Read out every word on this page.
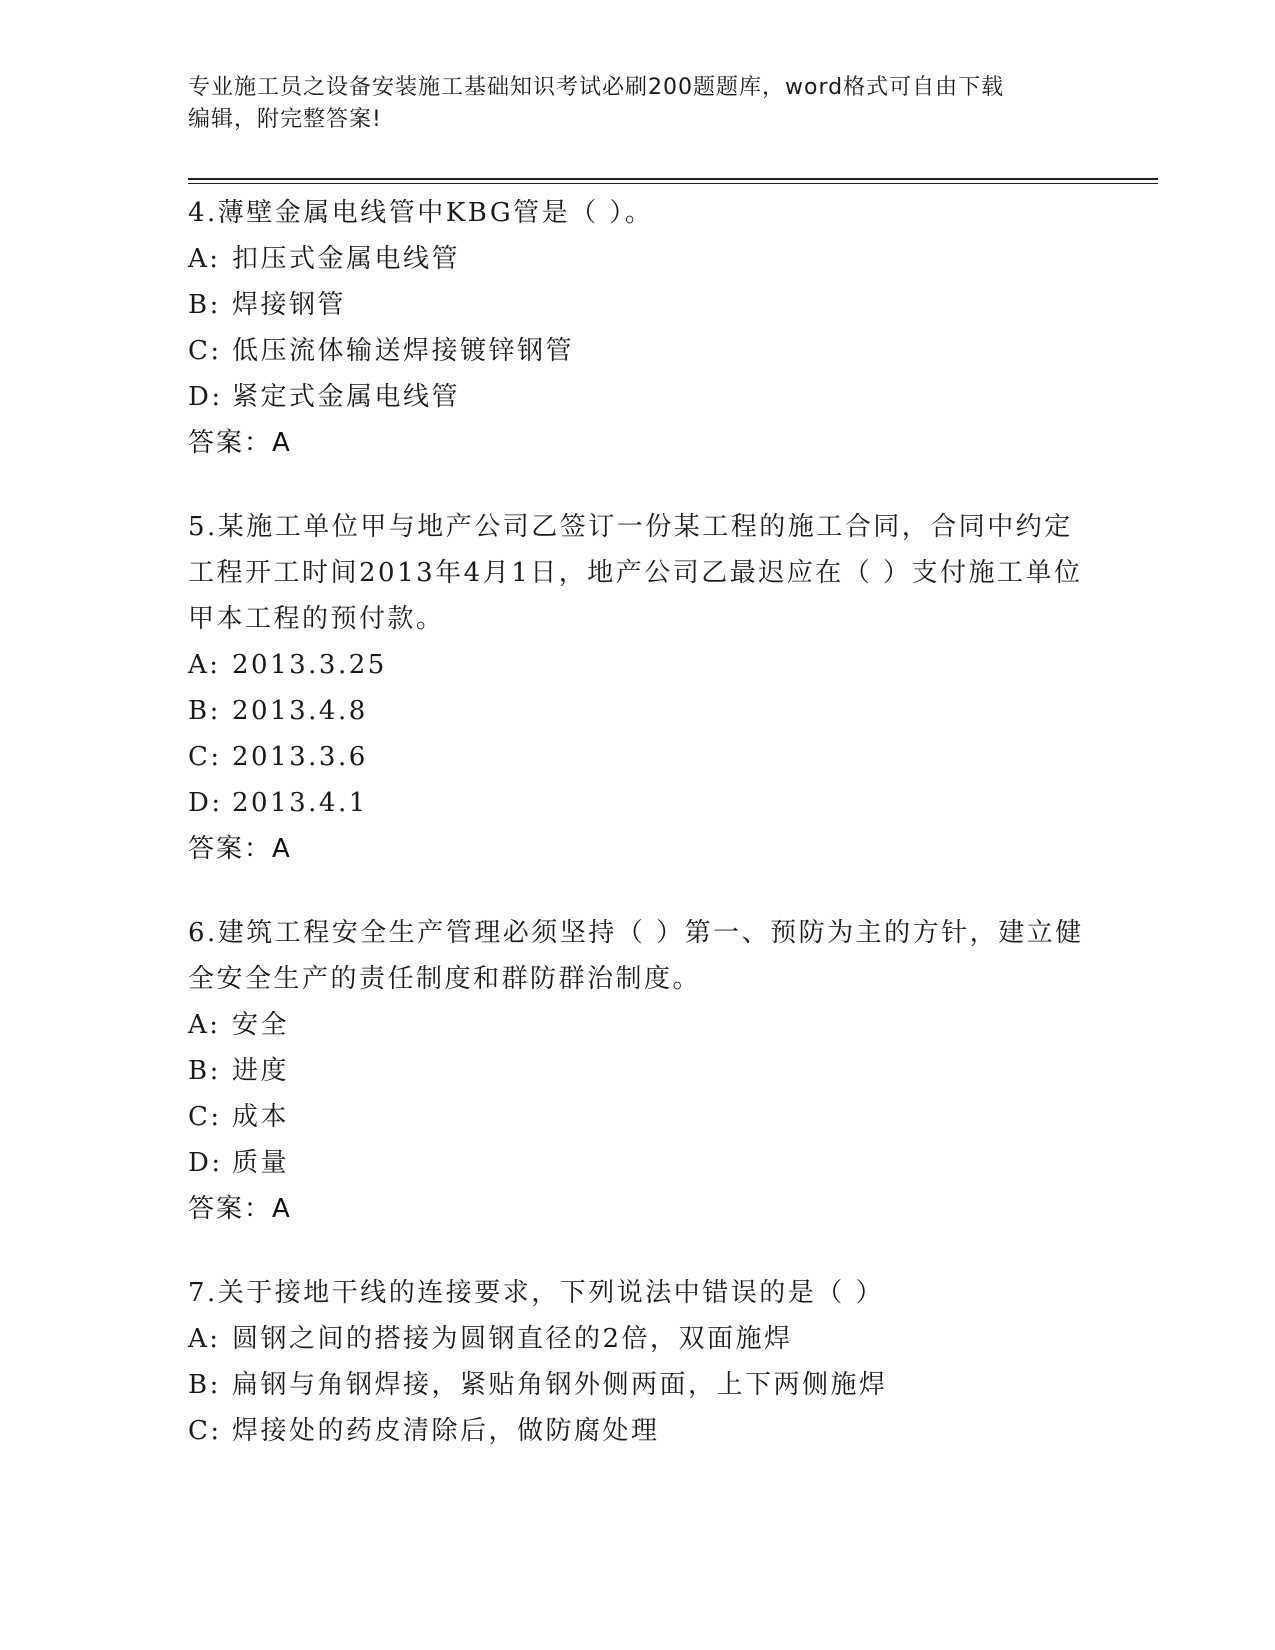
专业施工员之设备安装施工基础知识考试必刷200题题库，word格式可自由下载
编辑，附完整答案!
4.薄壁金属电线管中KBG管是（ ）。
A: 扣压式金属电线管
B: 焊接钢管
C: 低压流体输送焊接镀锌钢管
D: 紧定式金属电线管
答案：A
5.某施工单位甲与地产公司乙签订一份某工程的施工合同，合同中约定工程开工时间2013年4月1日，地产公司乙最迟应在（ ）支付施工单位甲本工程的预付款。
A: 2013.3.25
B: 2013.4.8
C: 2013.3.6
D: 2013.4.1
答案：A
6.建筑工程安全生产管理必须坚持（ ）第一、预防为主的方针，建立健全安全生产的责任制度和群防群治制度。
A: 安全
B: 进度
C: 成本
D: 质量
答案：A
7.关于接地干线的连接要求，下列说法中错误的是（ ）
A: 圆钢之间的搭接为圆钢直径的2倍，双面施焊
B: 扁钢与角钢焊接，紧贴角钢外侧两面，上下两侧施焊
C: 焊接处的药皮清除后，做防腐处理
